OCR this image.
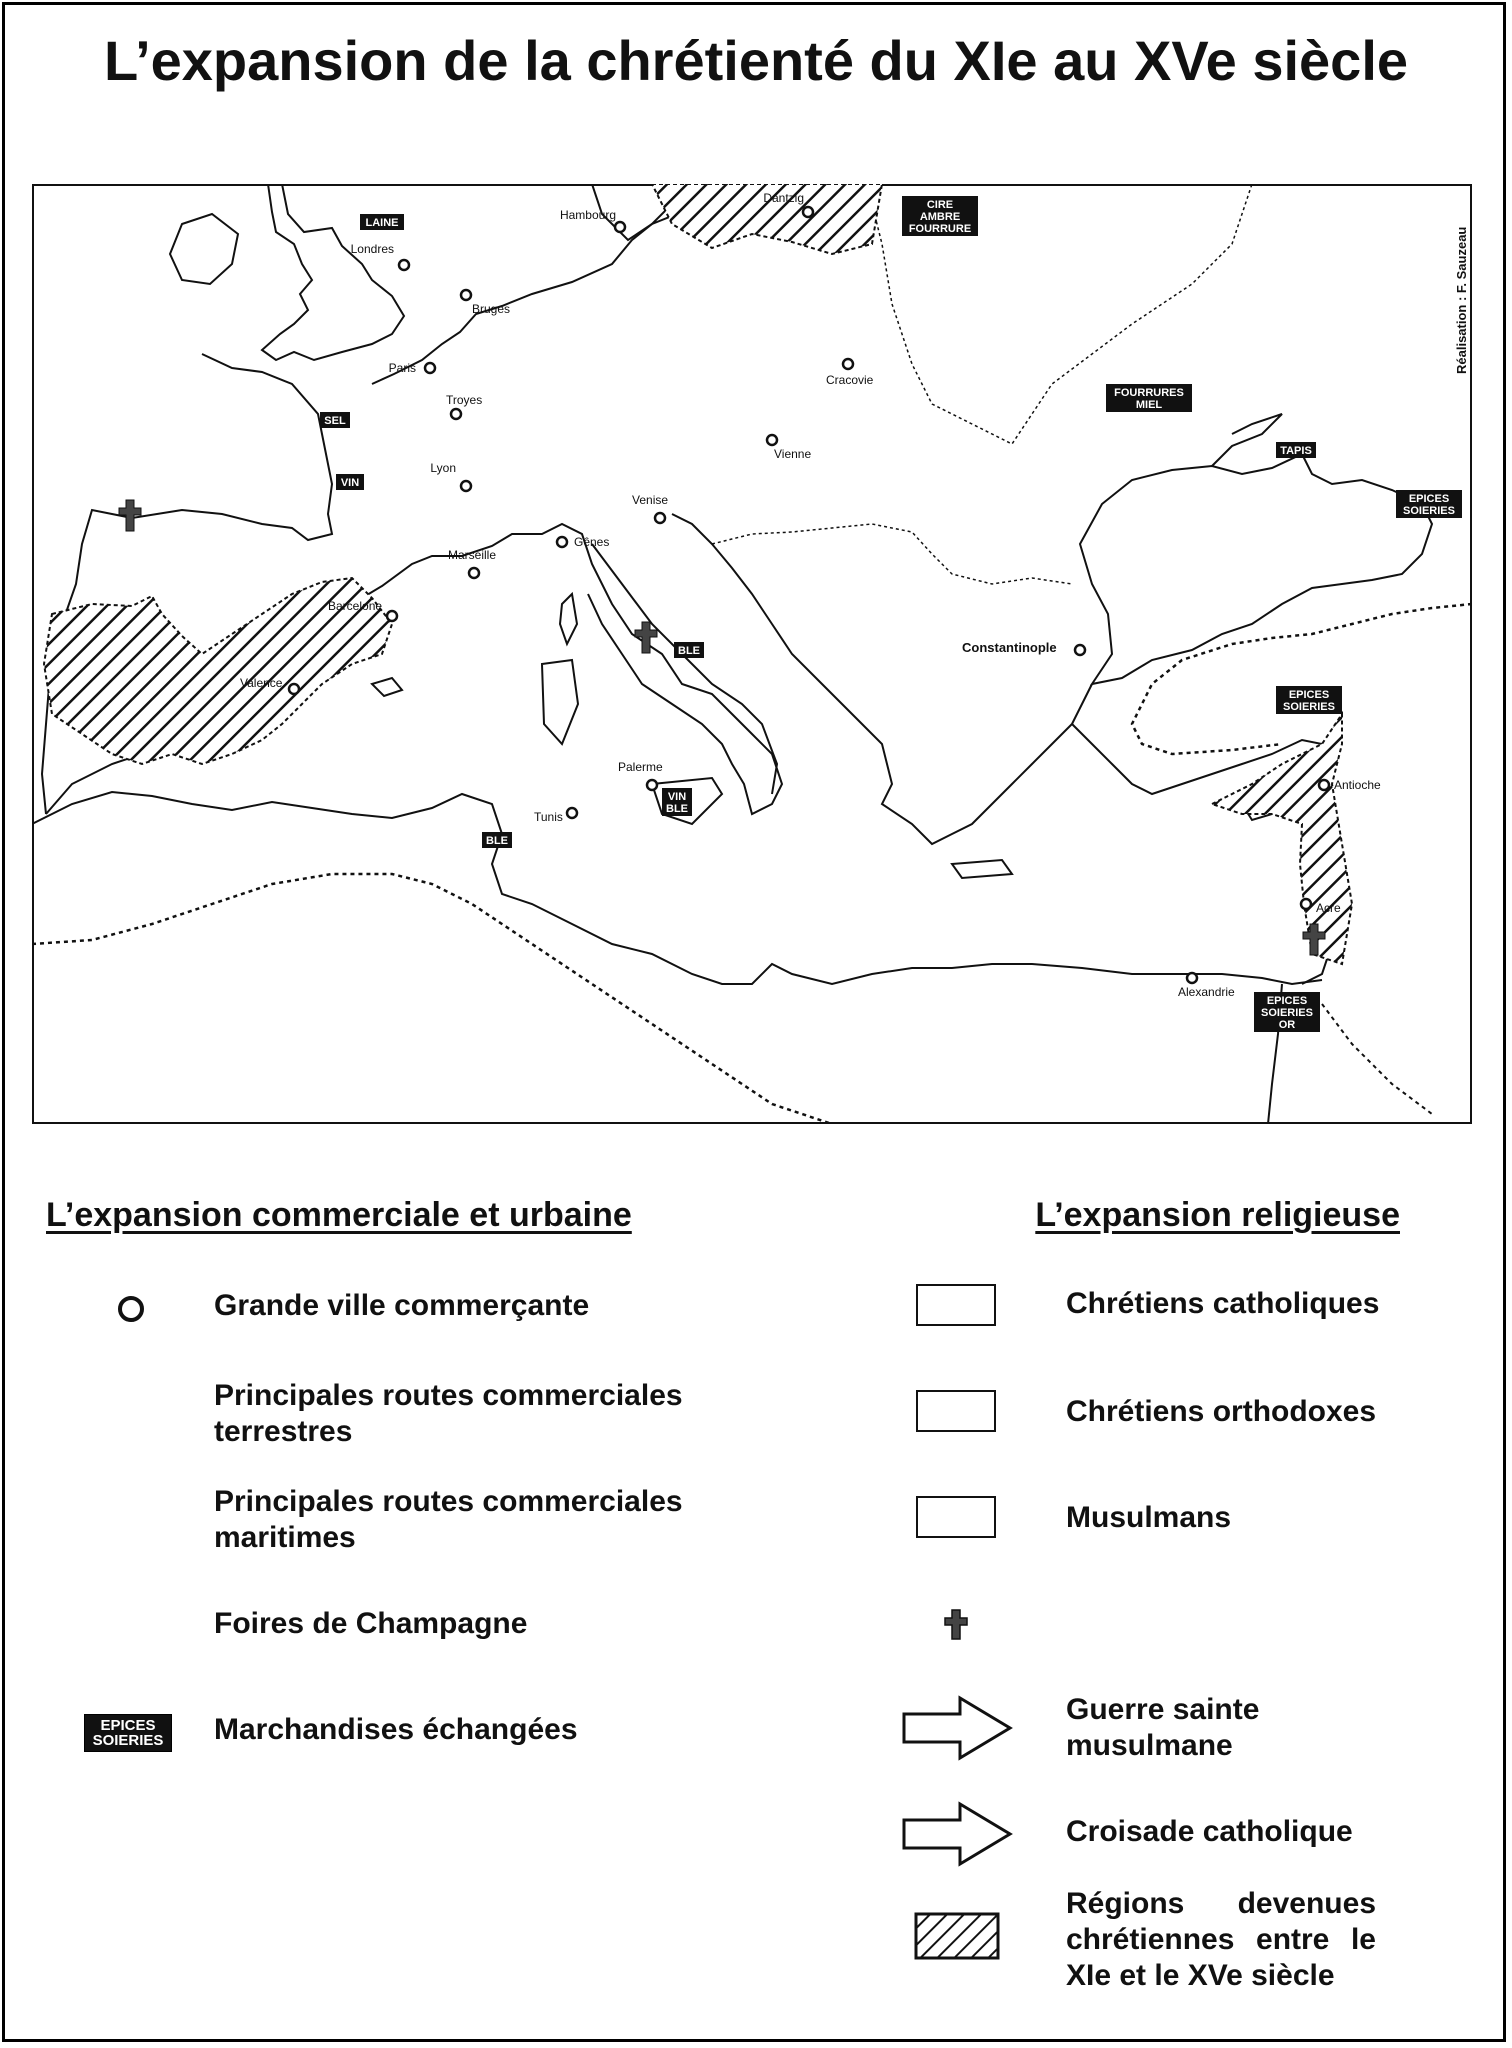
L’expansion de la chrétienté du XIe au XVe siècle
Londres
Bruges
Hambourg
Dantzig
Paris
Troyes
Lyon
Cracovie
Vienne
Venise
Gênes
Marseille
Barcelone
Valence
Constantinople
Palerme
Tunis
Antioche
Acre
Alexandrie
LAINE
CIRE AMBRE FOURRURE
SEL
VIN
FOURRURES MIEL
TAPIS
EPICES SOIERIES
BLE
EPICES SOIERIES
VIN BLE
BLE
EPICES SOIERIES OR
Réalisation : F. Sauzeau
L’expansion commerciale et urbaine	L’expansion religieuse
Grande ville commerçante
Principales routes commerciales terrestres
Principales routes commerciales maritimes
Foires de Champagne
EPICES SOIERIES Marchandises échangées
Chrétiens catholiques
Chrétiens orthodoxes
Musulmans
Guerre sainte musulmane
Croisade catholique
Régions devenues chrétiennes entre le XIe et le XVe siècle
